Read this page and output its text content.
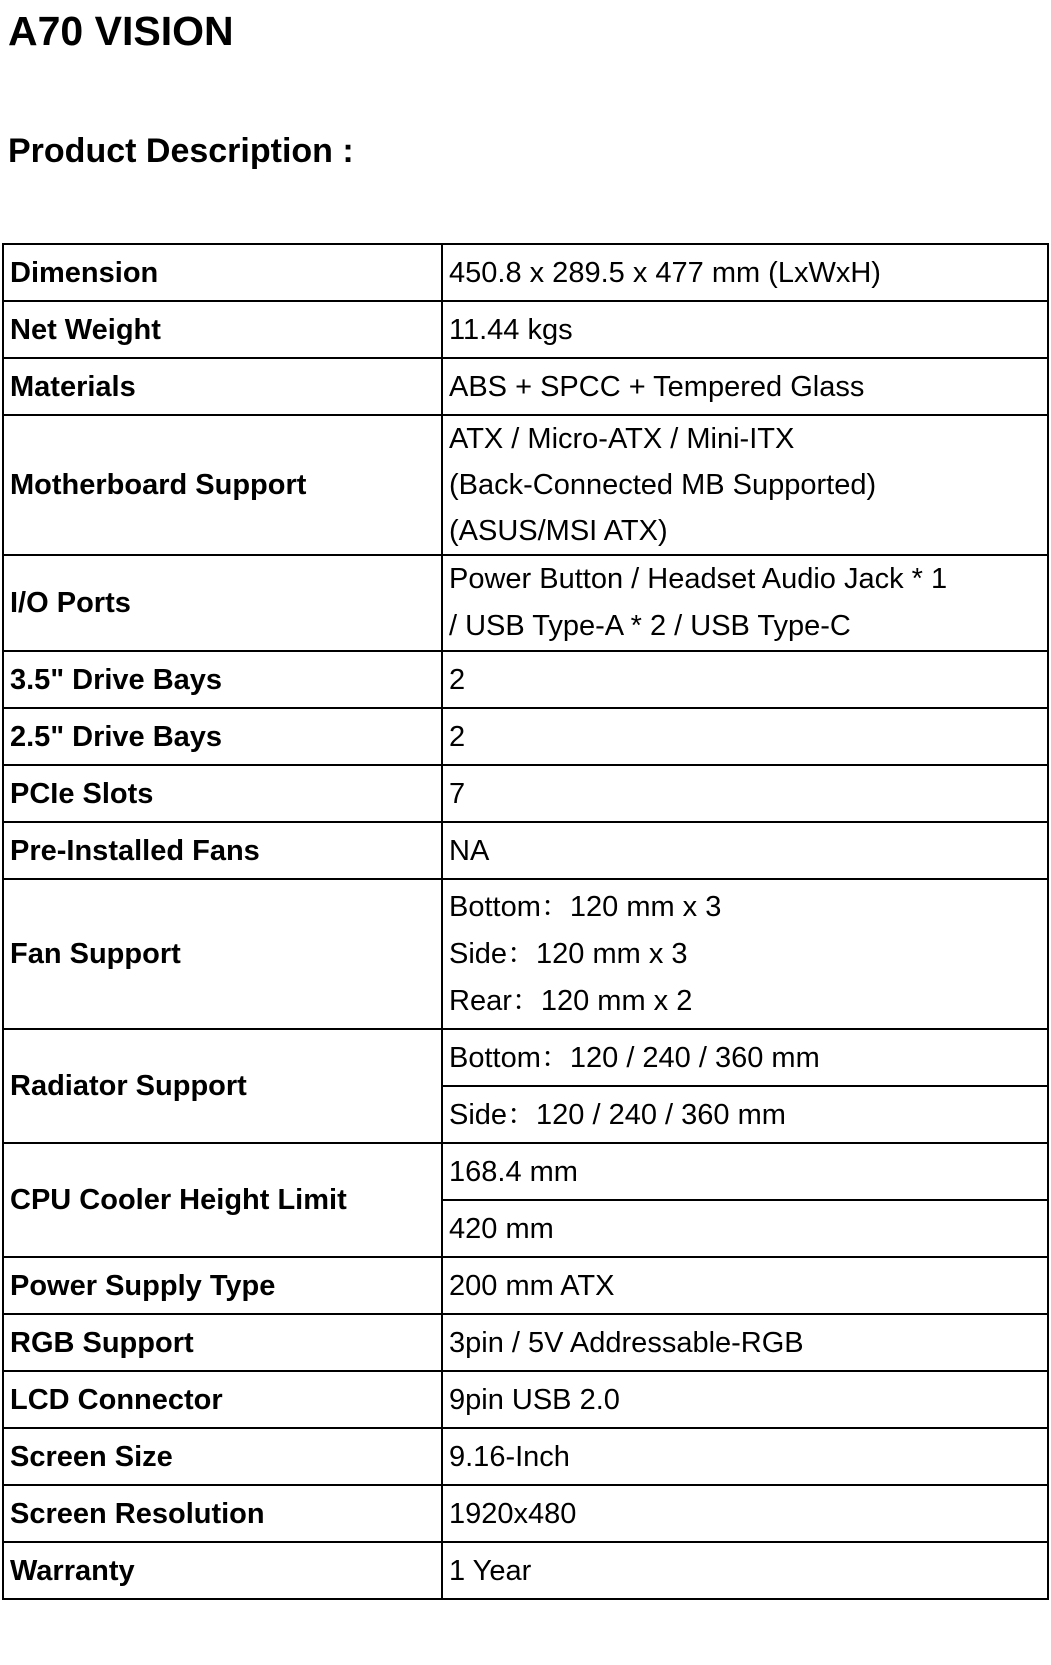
A70 VISION
Product Description :
Dimension	450.8 x 289.5 x 477 mm (LxWxH)
Net Weight	11.44 kgs
Materials	ABS + SPCC + Tempered Glass
Motherboard Support	ATX / Micro-ATX / Mini-ITX
(Back-Connected MB Supported)
(ASUS/MSI ATX)

I/O Ports	Power Button / Headset Audio Jack * 1
/ USB Type-A * 2 / USB Type-C

3.5" Drive Bays	2
2.5" Drive Bays	2
PCIe Slots	7
Pre-Installed Fans	NA
Fan Support	Bottom：120 mm x 3
Side：120 mm x 3
Rear：120 mm x 2

Radiator Support	Bottom：120 / 240 / 360 mm
	Side：120 / 240 / 360 mm
CPU Cooler Height Limit	168.4 mm
	420 mm
Power Supply Type	200 mm ATX
RGB Support	3pin / 5V Addressable-RGB
LCD Connector	9pin USB 2.0
Screen Size	9.16-Inch
Screen Resolution	1920x480
Warranty	1 Year
